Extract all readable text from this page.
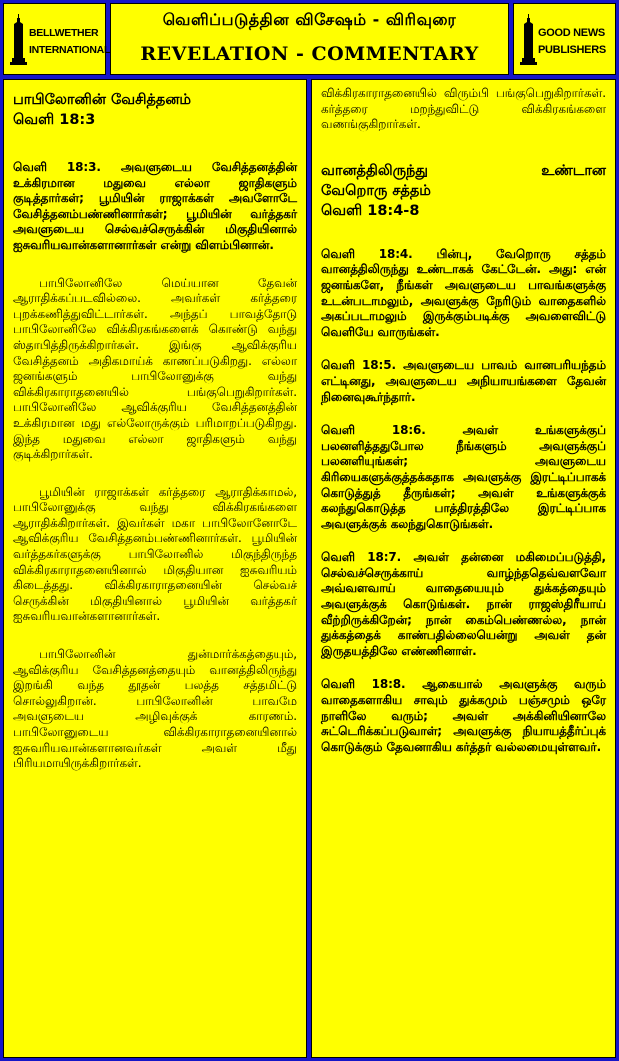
BELLWETHER
INTERNATIONAL
வெளிப்படுத்தின விசேஷம் - விரிவுரை
REVELATION - COMMENTARY
GOOD NEWS
PUBLISHERS
பாபிலோனின் வேசித்தனம்
வெளி 18:3

வெளி 18:3. அவளுடைய வேசித்தனத்தின் உக்கிரமான மதுவை எல்லா ஜாதிகளும் குடித்தார்கள்; பூமியின் ராஜாக்கள் அவளோடே வேசித்தனம்பண்ணினார்கள்; பூமியின் வர்த்தகர் அவளுடைய செல்வச்செருக்கின் மிகுதியினால் ஐசுவரியவான்களானார்கள் என்று விளம்பினான்.

பாபிலோனிலே மெய்யான தேவன் ஆராதிக்கப்படவில்லை. அவர்கள் கர்த்தரை புறக்கணித்துவிட்டார்கள். அந்தப் பாவத்தோடு பாபிலோனிலே விக்கிரகங்களைக் கொண்டு வந்து ஸ்தாபித்திருக்கிறார்கள். இங்கு ஆவிக்குரிய வேசித்தனம் அதிகமாய்க் காணப்படுகிறது. எல்லா ஜனங்களும் பாபிலோனுக்கு வந்து விக்கிரகாராதனையில் பங்குபெறுகிறார்கள். பாபிலோனிலே ஆவிக்குரிய வேசித்தனத்தின் உக்கிரமான மது எல்லோருக்கும் பரிமாறப்படுகிறது. இந்த மதுவை எல்லா ஜாதிகளும் வந்து குடிக்கிறார்கள்.

பூமியின் ராஜாக்கள் கர்த்தரை ஆராதிக்காமல், பாபிலோனுக்கு வந்து விக்கிரகங்களை ஆராதிக்கிறார்கள். இவர்கள் மகா பாபிலோனோடே ஆவிக்குரிய வேசித்தனம்பண்ணினார்கள். பூமியின் வர்த்தகர்களுக்கு பாபிலோனில் மிகுந்திருந்த விக்கிரகாராதனையினால் மிகுதியான ஐசுவரியம் கிடைத்தது. விக்கிரகாராதனையின் செல்வச் செருக்கின் மிகுதியினால் பூமியின் வர்த்தகர் ஐசுவரியவான்களானார்கள்.

பாபிலோனின் துன்மார்க்கத்தையும், ஆவிக்குரிய வேசித்தனத்தையும் வானத்திலிருந்து இறங்கி வந்த தூதன் பலத்த சத்தமிட்டு சொல்லுகிறான். பாபிலோனின் பாவமே அவளுடைய அழிவுக்குக் காரணம். பாபிலோனுடைய விக்கிரகாராதனையினால் ஐசுவரியவான்களானவர்கள் அவள் மீது பிரியமாயிருக்கிறார்கள்.

விக்கிரகாராதனையில் விரும்பி பங்குபெறுகிறார்கள். கர்த்தரை மறந்துவிட்டு விக்கிரகங்களை வணங்குகிறார்கள்.

வானத்திலிருந்து உண்டான
வேறொரு சத்தம்
வெளி 18:4-8

வெளி 18:4. பின்பு, வேறொரு சத்தம் வானத்திலிருந்து உண்டாகக் கேட்டேன். அது: என் ஜனங்களே, நீங்கள் அவளுடைய பாவங்களுக்கு உடன்படாமலும், அவளுக்கு நேரிடும் வாதைகளில் அகப்படாமலும் இருக்கும்படிக்கு அவளைவிட்டு வெளியே வாருங்கள்.

வெளி 18:5. அவளுடைய பாவம் வானபரியந்தம் எட்டினது, அவளுடைய அநியாயங்களை தேவன் நினைவுகூர்ந்தார்.

வெளி 18:6. அவள் உங்களுக்குப் பலனளித்ததுபோல நீங்களும் அவளுக்குப் பலனளியுங்கள்; அவளுடைய கிரியைகளுக்குத்தக்கதாக அவளுக்கு இரட்டிப்பாகக் கொடுத்துத் தீருங்கள்; அவள் உங்களுக்குக் கலந்துகொடுத்த பாத்திரத்திலே இரட்டிப்பாக அவளுக்குக் கலந்துகொடுங்கள்.

வெளி 18:7. அவள் தன்னை மகிமைப்படுத்தி, செல்வச்செருக்காய் வாழ்ந்ததெவ்வளவோ அவ்வளவாய் வாதையையும் துக்கத்தையும் அவளுக்குக் கொடுங்கள். நான் ராஜஸ்திரீயாய் வீற்றிருக்கிறேன்; நான் கைம்பெண்ணல்ல, நான் துக்கத்தைக் காண்பதில்லையென்று அவள் தன் இருதயத்திலே எண்ணினாள்.

வெளி 18:8. ஆகையால் அவளுக்கு வரும் வாதைகளாகிய சாவும் துக்கமும் பஞ்சமும் ஒரே நாளிலே வரும்; அவள் அக்கினியினாலே சுட்டெரிக்கப்படுவாள்; அவளுக்கு நியாயத்தீர்ப்புக் கொடுக்கும் தேவனாகிய கர்த்தர் வல்லமையுள்ளவர்.
